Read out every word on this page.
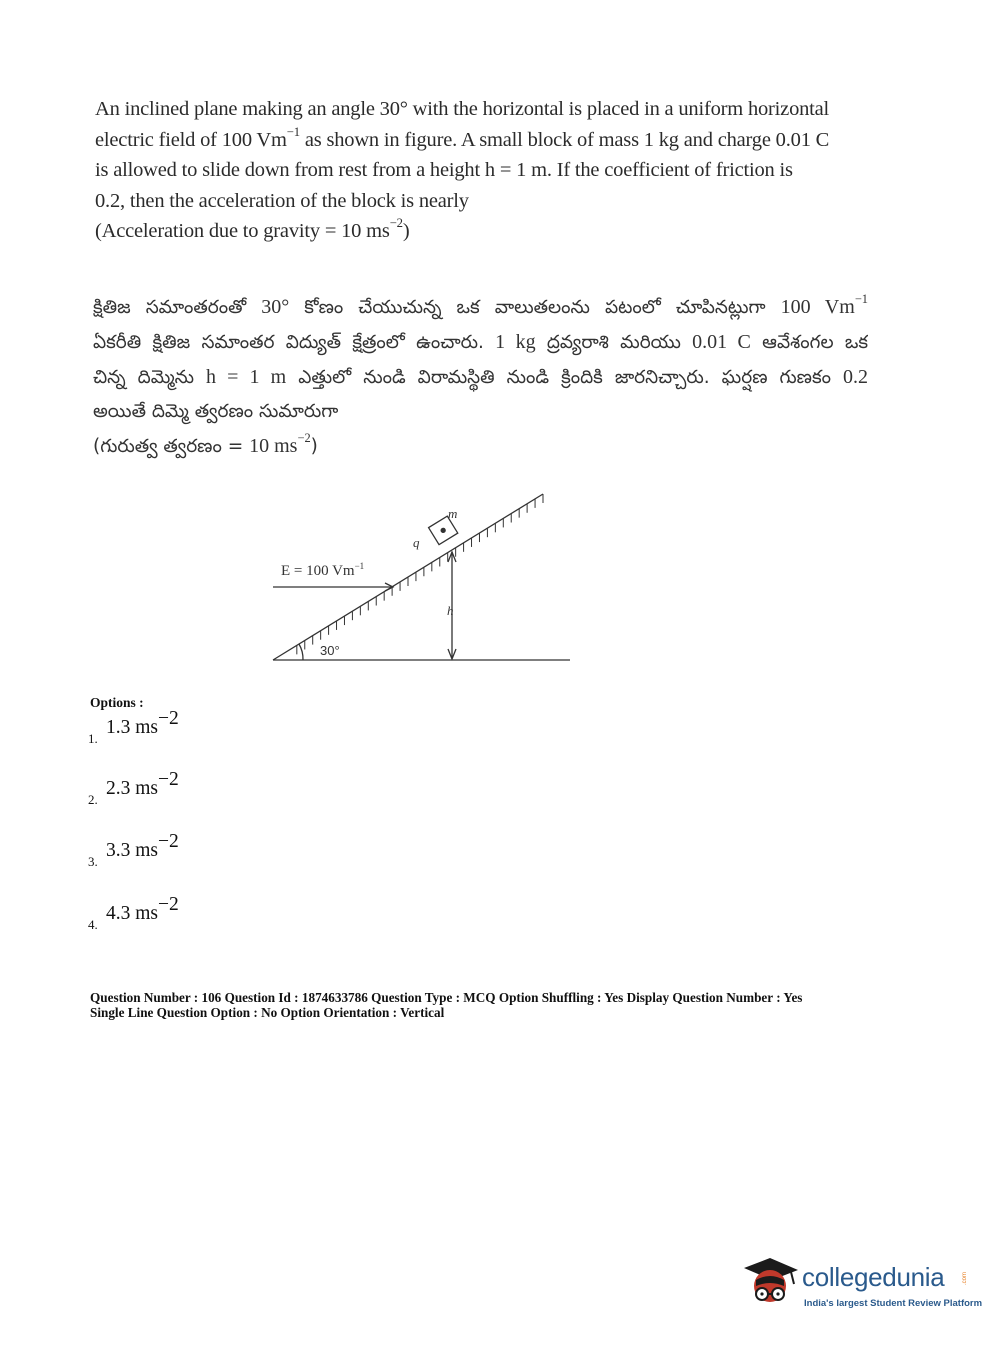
An inclined plane making an angle 30° with the horizontal is placed in a uniform horizontal
electric field of 100 $Vm^{-1}$ as shown in figure. A small block of mass 1 kg and charge 0.01 C
is allowed to slide down from rest from a height h = 1 m. If the coefficient of friction is
0.2, then the acceleration of the block is nearly
(Acceleration due to gravity = 10 $ms^{-2}$)
క్షితిజ సమాంతరంతో 30° కోణం చేయుచున్న ఒక వాలుతలంను పటంలో చూపినట్లుగా 100 $Vm^{-1}$
ఏకరీతి క్షితిజ సమాంతర విద్యుత్ క్షేత్రంలో ఉంచారు. 1 kg ద్రవ్యరాశి మరియు 0.01 C ఆవేశంగల ఒక
చిన్న దిమ్మెను h = 1 m ఎత్తులో నుండి విరామస్థితి నుండి క్రిందికి జారనిచ్చారు. ఘర్షణ గుణకం 0.2
అయితే దిమ్మె త్వరణం సుమారుగా
(గురుత్వ త్వరణం = 10 $ms^{-2}$)
m
q
h
E = 100 $Vm^{-1}$
30°
Options :
1.1.3 $ms^{-2}$
2.2.3 $ms^{-2}$
3.3.3 $ms^{-2}$
4.4.3 $ms^{-2}$
Question Number : 106 Question Id : 1874633786 Question Type : MCQ Option Shuffling : Yes Display Question Number : Yes
Single Line Question Option : No Option Orientation : Vertical
collegedunia	.com
India's largest Student Review Platform
